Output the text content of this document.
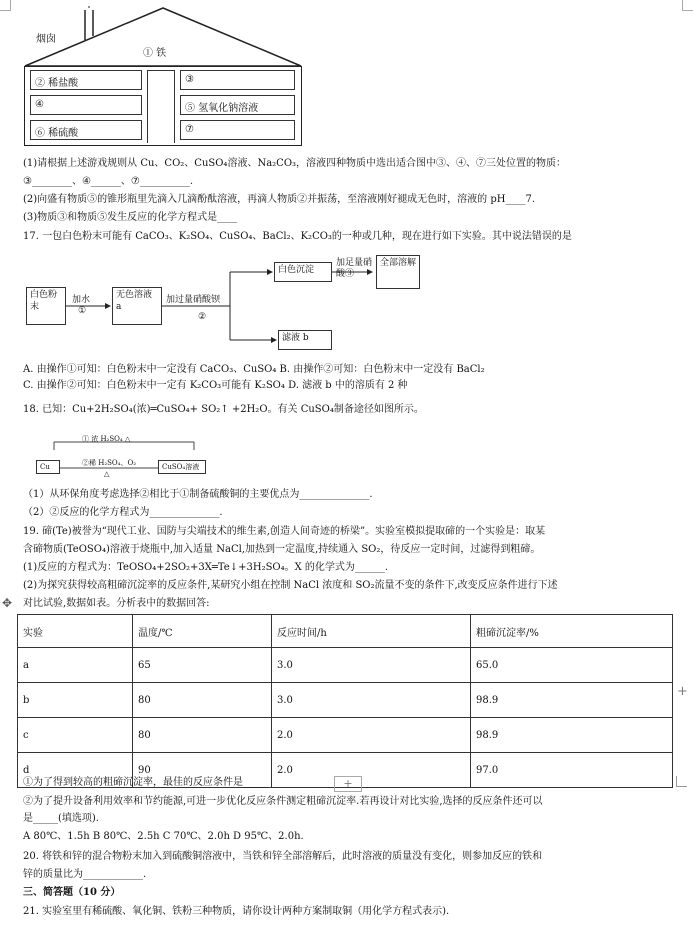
烟囱
① 铁
② 稀盐酸
④
⑥ 稀硫酸
③
⑤ 氢氧化钠溶液
⑦
(1)请根据上述游戏规则从 Cu、CO₂、CuSO₄溶液、Na₂CO₃，溶液四种物质中选出适合图中③、④、⑦三处位置的物质：
③________、④______、⑦__________.
(2)向盛有物质⑤的锥形瓶里先滴入几滴酚酞溶液，再滴人物质②并振荡，至溶液刚好褪成无色时，溶液的 pH____7.
(3)物质③和物质⑤发生反应的化学方程式是____
17. 一包白色粉末可能有 CaCO₃、K₂SO₄、CuSO₄、BaCl₂、K₂CO₃的一种或几种，现在进行如下实验。其中说法错误的是
白色粉末
加水
①
无色溶液 a
加过量硝酸钡
②
白色沉淀
加足量硝酸③
全部溶解
滤液 b
A. 由操作①可知：白色粉末中一定没有 CaCO₃、CuSO₄ B. 由操作②可知：白色粉末中一定没有 BaCl₂
C. 由操作②可知：白色粉末中一定有 K₂CO₃可能有 K₂SO₄ D. 滤液 b 中的溶质有 2 种
18. 已知：Cu+2H₂SO₄(浓)═CuSO₄+ SO₂↑ +2H₂O。有关 CuSO₄制备途径如图所示。
① 浓 H₂SO₄ △
②稀 H₂SO₄、O₂
△
Cu	CuSO₄溶液
（1）从环保角度考虑选择②相比于①制备硫酸铜的主要优点为______________.
（2）②反应的化学方程式为______________.
19. 碲(Te)被誉为“现代工业、国防与尖端技术的维生素,创造人间奇迹的桥梁”。实验室模拟提取碲的一个实验是：取某
含碲物质(TeOSO₄)溶液于烧瓶中,加入适量 NaCl,加热到一定温度,持续通入 SO₂，待反应一定时间，过滤得到粗碲。
(1)反应的方程式为：TeOSO₄+2SO₂+3X═Te↓+3H₂SO₄。X 的化学式为______.
(2)为探究获得较高粗碲沉淀率的反应条件,某研究小组在控制 NaCl 浓度和 SO₂流量不变的条件下,改变反应条件进行下述
对比试验,数据如表。分析表中的数据回答:
✥
实验	温度/℃	反应时间/h	粗碲沉淀率/%
a	65	3.0	65.0
b	80	3.0	98.9
c	80	2.0	98.9
d	90	2.0	97.0
+
+
①为了得到较高的粗碲沉淀率，最佳的反应条件是_____
②为了提升设备利用效率和节约能源,可进一步优化反应条件测定粗碲沉淀率.若再设计对比实验,选择的反应条件还可以
是_____(填选项).
A 80℃、1.5h B 80℃、2.5h C 70℃、2.0h D 95℃、2.0h.
20. 将铁和锌的混合物粉末加入到硫酸铜溶液中，当铁和锌全部溶解后，此时溶液的质量没有变化，则参加反应的铁和
锌的质量比为____________.
三、简答题（10 分）
21. 实验室里有稀硫酸、氧化铜、铁粉三种物质，请你设计两种方案制取铜（用化学方程式表示).
